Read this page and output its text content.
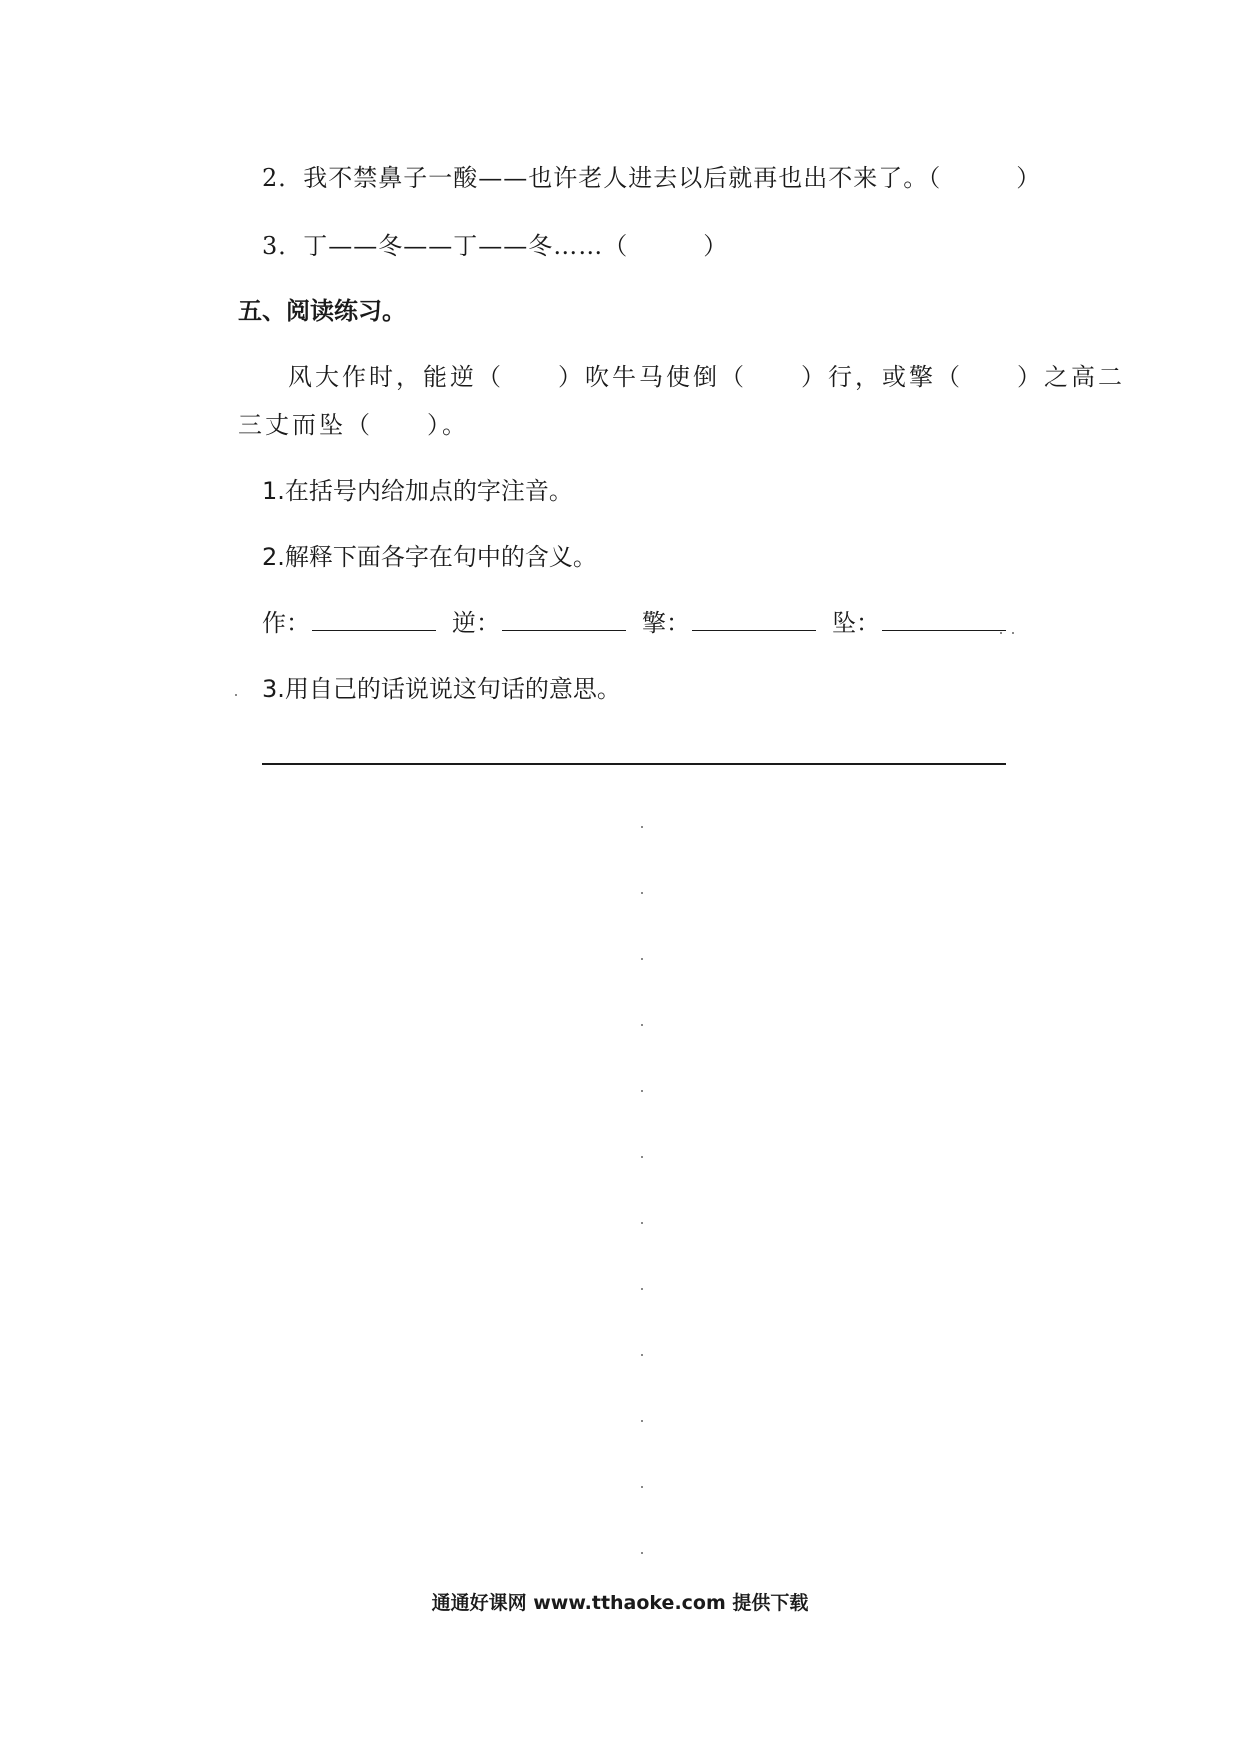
2．我不禁鼻子一酸——也许老人进去以后就再也出不来了。（　　　）
3．丁——冬——丁——冬……（　　　）
五、阅读练习。
风大作时，能逆（　　）吹牛马使倒（　　）行，或擎（　　）之高二
三丈而坠（　　）。
1.在括号内给加点的字注音。
2.解释下面各字在句中的含义。
作：	逆：	擎：	坠：
3.用自己的话说说这句话的意思。
通通好课网 www.tthaoke.com 提供下载
